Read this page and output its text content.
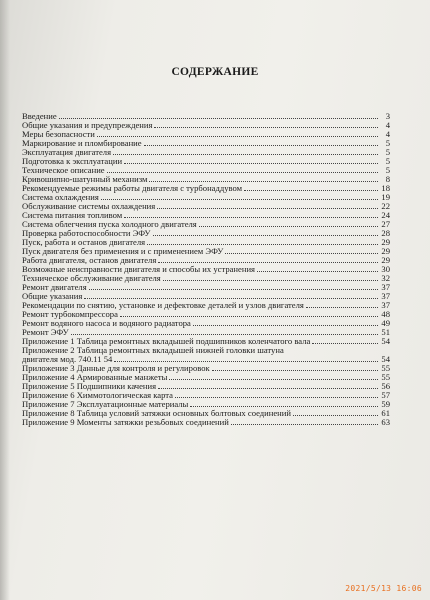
СОДЕРЖАНИЕ
Введение	3
Общие указания и предупреждения	4
Меры безопасности	4
Маркирование и пломбирование	5
Эксплуатация двигателя	5
Подготовка к эксплуатации	5
Техническое описание	5
Кривошипно-шатунный механизм	8
Рекомендуемые режимы работы двигателя с турбонаддувом	18
Система охлаждения	19
Обслуживание системы охлаждения	22
Система питания топливом	24
Система облегчения пуска холодного двигателя	27
Проверка работоспособности ЭФУ	28
Пуск, работа и останов двигателя	29
Пуск двигателя без применения и с применением ЭФУ	29
Работа двигателя, останов двигателя	29
Возможные неисправности двигателя и способы их устранения	30
Техническое обслуживание двигателя	32
Ремонт двигателя	37
Общие указания	37
Рекомендации по снятию, установке и дефектовке деталей и узлов двигателя	37
Ремонт турбокомпрессора	48
Ремонт водяного насоса и водяного радиатора	49
Ремонт ЭФУ	51
Приложение 1 Таблица ремонтных вкладышей подшипников коленчатого вала	54
Приложение 2 Таблица ремонтных вкладышей нижней головки шатуна
двигателя мод. 740.11 54	54
Приложение 3 Данные для контроля и регулировок	55
Приложение 4 Армированные манжеты	55
Приложение 5 Подшипники качения	56
Приложение 6 Химмотологическая карта	57
Приложение 7 Эксплуатационные материалы	59
Приложение 8 Таблица условий затяжки основных болтовых соединений	61
Приложение 9 Моменты затяжки резьбовых соединений	63
2021/5/13 16:06
